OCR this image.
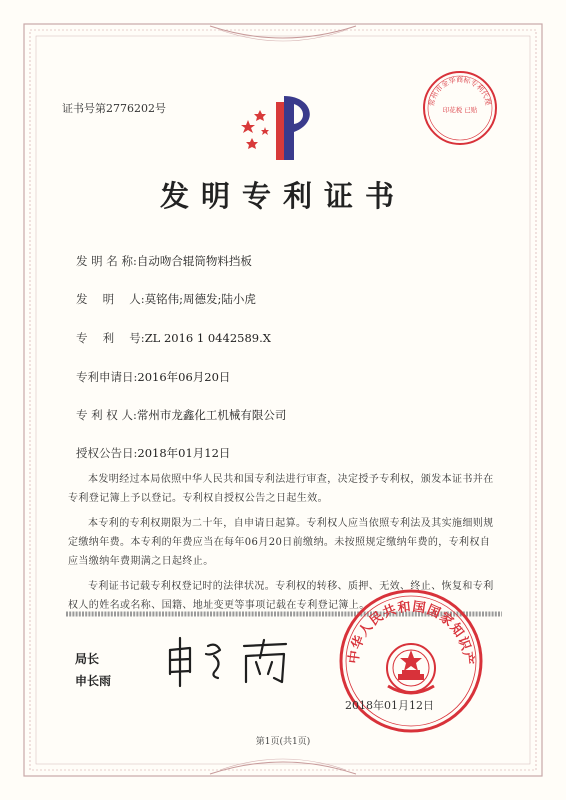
证书号第2776202号	常州市金华商标专利代理
印花税 已贴
发明专利证书
发 明 名 称:自动吻合辊筒物料挡板
发　 明　 人:莫铭伟;周德发;陆小虎
专　 利　 号:ZL 2016 1 0442589.X
专利申请日:2016年06月20日
专 利 权 人:常州市龙鑫化工机械有限公司
授权公告日:2018年01月12日

本发明经过本局依照中华人民共和国专利法进行审查，决定授予专利权，颁发本证书并在专利登记簿上予以登记。专利权自授权公告之日起生效。

本专利的专利权期限为二十年，自申请日起算。专利权人应当依照专利法及其实施细则规定缴纳年费。本专利的年费应当在每年06月20日前缴纳。未按照规定缴纳年费的，专利权自应当缴纳年费期满之日起终止。

专利证书记载专利权登记时的法律状况。专利权的转移、质押、无效、终止、恢复和专利权人的姓名或名称、国籍、地址变更等事项记载在专利登记簿上。

局长
申长雨
中华人民共和国国家知识产
2018年01月12日
第1页(共1页)
